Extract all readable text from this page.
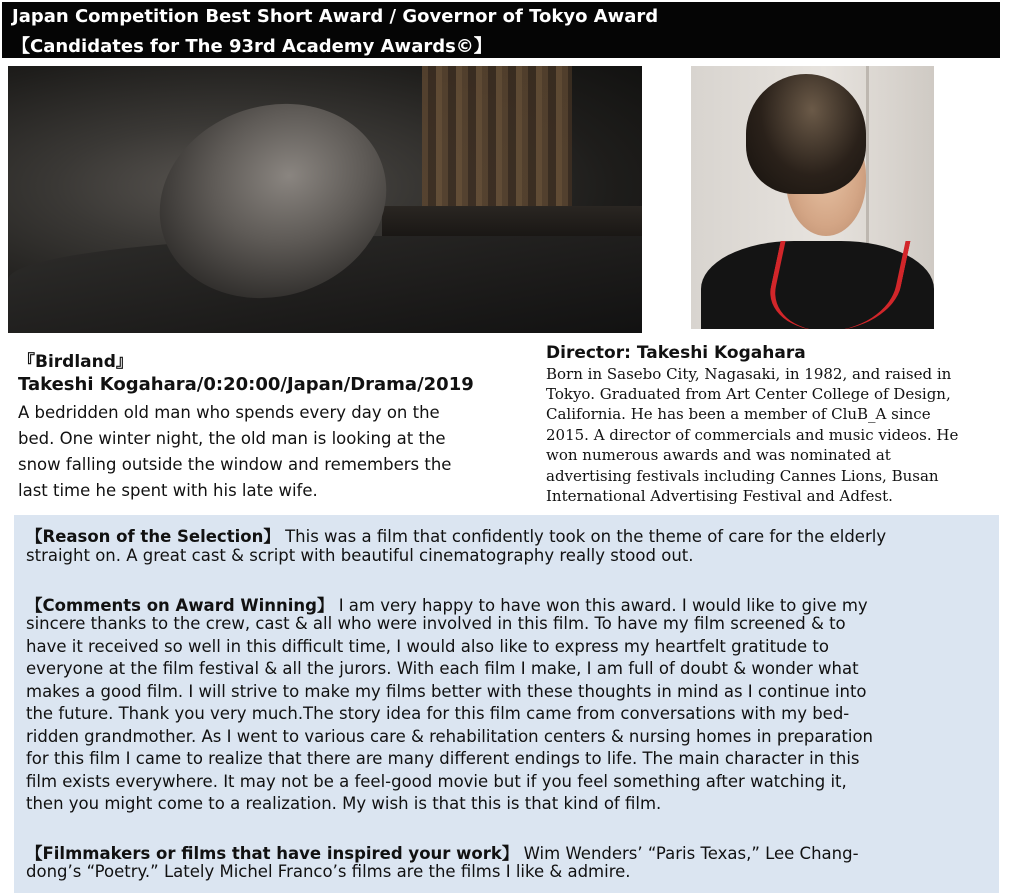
Japan Competition Best Short Award / Governor of Tokyo Award
【Candidates for The 93rd Academy Awards©】
『Birdland』
Takeshi Kogahara/0:20:00/Japan/Drama/2019
A bedridden old man who spends every day on the
bed. One winter night, the old man is looking at the
snow falling outside the window and remembers the
last time he spent with his late wife.
Director: Takeshi Kogahara
Born in Sasebo City, Nagasaki, in 1982, and raised in
Tokyo. Graduated from Art Center College of Design,
California. He has been a member of CluB_A since
2015. A director of commercials and music videos. He
won numerous awards and was nominated at
advertising festivals including Cannes Lions, Busan
International Advertising Festival and Adfest.
【Reason of the Selection】 This was a film that confidently took on the theme of care for the elderly
straight on. A great cast & script with beautiful cinematography really stood out.
【Comments on Award Winning】 I am very happy to have won this award. I would like to give my
sincere thanks to the crew, cast & all who were involved in this film. To have my film screened & to
have it received so well in this difficult time, I would also like to express my heartfelt gratitude to
everyone at the film festival & all the jurors. With each film I make, I am full of doubt & wonder what
makes a good film. I will strive to make my films better with these thoughts in mind as I continue into
the future. Thank you very much.The story idea for this film came from conversations with my bed-
ridden grandmother. As I went to various care & rehabilitation centers & nursing homes in preparation
for this film I came to realize that there are many different endings to life. The main character in this
film exists everywhere. It may not be a feel-good movie but if you feel something after watching it,
then you might come to a realization. My wish is that this is that kind of film.
【Filmmakers or films that have inspired your work】 Wim Wenders’ “Paris Texas,” Lee Chang-
dong’s “Poetry.” Lately Michel Franco’s films are the films I like & admire.
